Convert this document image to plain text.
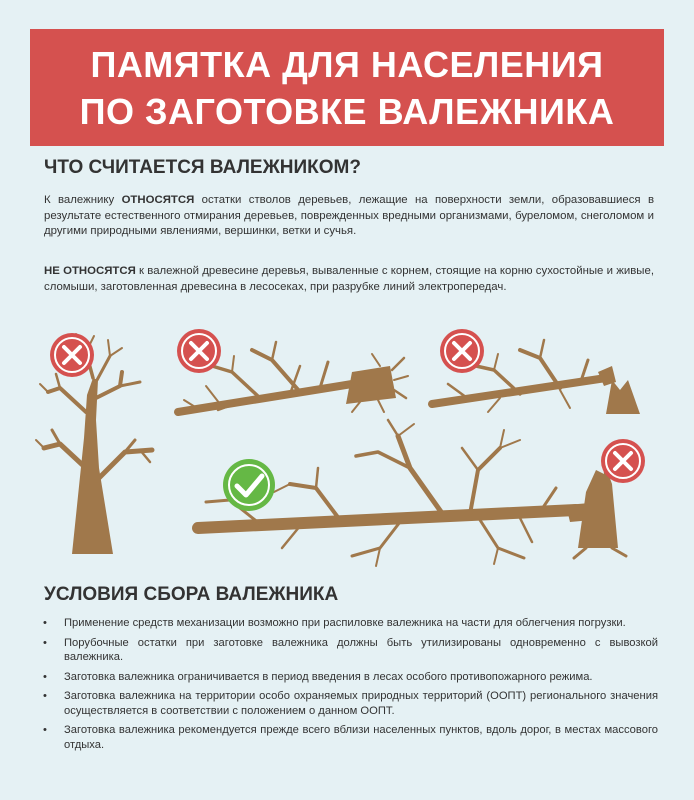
ПАМЯТКА ДЛЯ НАСЕЛЕНИЯ
ПО ЗАГОТОВКЕ ВАЛЕЖНИКА
ЧТО СЧИТАЕТСЯ ВАЛЕЖНИКОМ?
К валежнику ОТНОСЯТСЯ остатки стволов деревьев, лежащие на поверхности земли, образовавшиеся в результате естественного отмирания деревьев, поврежденных вредными организмами, буреломом, снеголомом и другими природными явлениями, вершинки, ветки и сучья.
НЕ ОТНОСЯТСЯ к валежной древесине деревья, вываленные с корнем, стоящие на корню сухостойные и живые, сломыши, заготовленная древесина в лесосеках, при разрубке линий электропередач.
УСЛОВИЯ СБОРА ВАЛЕЖНИКА
• Применение средств механизации возможно при распиловке валежника на части для облегчения погрузки.
• Порубочные остатки при заготовке валежника должны быть утилизированы одновременно с вывозкой валежника.
• Заготовка валежника ограничивается в период введения в лесах особого противопожарного режима.
• Заготовка валежника на территории особо охраняемых природных территорий (ООПТ) регионального значения осуществляется в соответствии с положением о данном ООПТ.
• Заготовка валежника рекомендуется прежде всего вблизи населенных пунктов, вдоль дорог, в местах массового отдыха.
